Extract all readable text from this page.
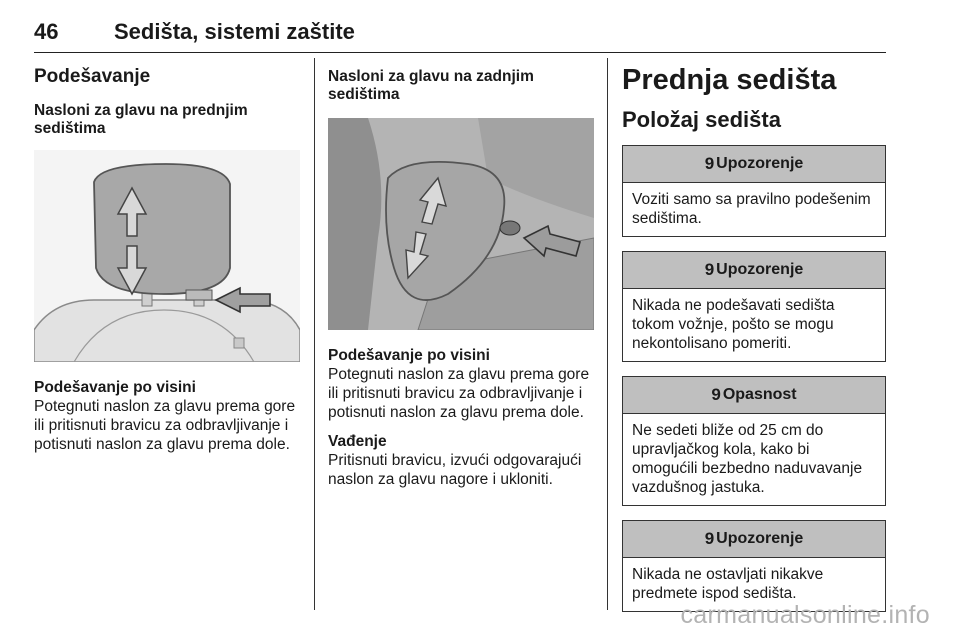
46	Sedišta, sistemi zaštite
Podešavanje
Nasloni za glavu na prednjim sedištima
Podešavanje po visini

Potegnuti naslon za glavu prema gore ili pritisnuti bravicu za odbravljivanje i potisnuti naslon za glavu prema dole.

Nasloni za glavu na zadnjim sedištima
Podešavanje po visini

Potegnuti naslon za glavu prema gore ili pritisnuti bravicu za odbravljivanje i potisnuti naslon za glavu prema dole.

Vađenje

Pritisnuti bravicu, izvući odgovarajući naslon za glavu nagore i ukloniti.

Prednja sedišta
Položaj sedišta
9 Upozorenje
Voziti samo sa pravilno podešenim sedištima.
9 Upozorenje
Nikada ne podešavati sedišta tokom vožnje, pošto se mogu nekontolisano pomeriti.
9 Opasnost
Ne sedeti bliže od 25 cm do upravljačkog kola, kako bi omogućili bezbedno naduvavanje vazdušnog jastuka.
9 Upozorenje
Nikada ne ostavljati nikakve predmete ispod sedišta.
carmanualsonline.info
